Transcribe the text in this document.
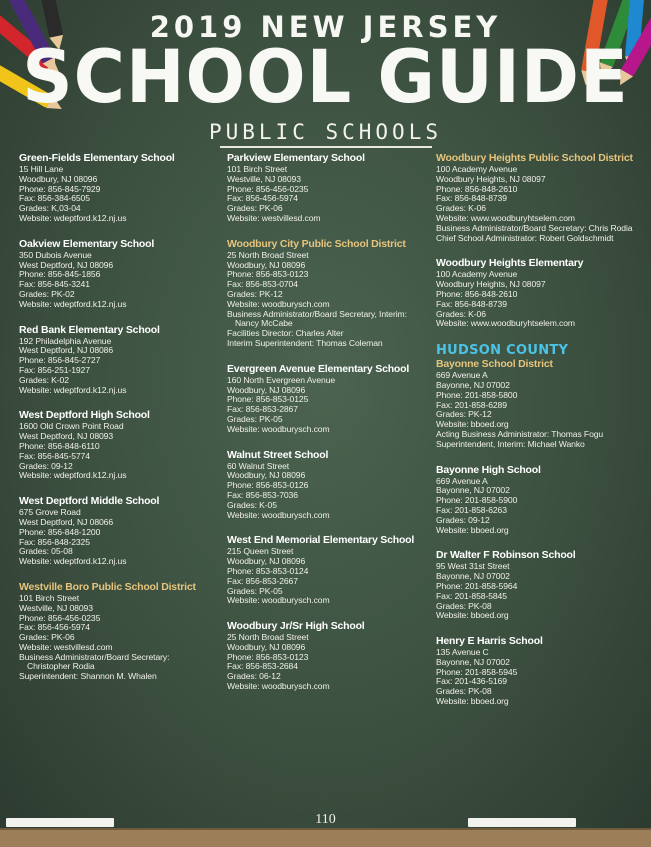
2019 NEW JERSEY
SCHOOL GUIDE
PUBLIC SCHOOLS
Green-Fields Elementary School
15 Hill Lane
Woodbury, NJ 08096
Phone: 856-845-7929
Fax: 856-384-6505
Grades: K,03-04
Website: wdeptford.k12.nj.us
Oakview Elementary School
350 Dubois Avenue
West Deptford, NJ 08096
Phone: 856-845-1856
Fax: 856-845-3241
Grades: PK-02
Website: wdeptford.k12.nj.us
Red Bank Elementary School
192 Philadelphia Avenue
West Deptford, NJ 08086
Phone: 856-845-2727
Fax: 856-251-1927
Grades: K-02
Website: wdeptford.k12.nj.us
West Deptford High School
1600 Old Crown Point Road
West Deptford, NJ 08093
Phone: 856-848-6110
Fax: 856-845-5774
Grades: 09-12
Website: wdeptford.k12.nj.us
West Deptford Middle School
675 Grove Road
West Deptford, NJ 08066
Phone: 856-848-1200
Fax: 856-848-2325
Grades: 05-08
Website: wdeptford.k12.nj.us
Westville Boro Public School District
101 Birch Street
Westville, NJ 08093
Phone: 856-456-0235
Fax: 856-456-5974
Grades: PK-06
Website: westvillesd.com
Business Administrator/Board Secretary:
Christopher Rodia
Superintendent: Shannon M. Whalen
Parkview Elementary School
101 Birch Street
Westville, NJ 08093
Phone: 856-456-0235
Fax: 856-456-5974
Grades: PK-06
Website: westvillesd.com
Woodbury City Public School District
25 North Broad Street
Woodbury, NJ 08096
Phone: 856-853-0123
Fax: 856-853-0704
Grades: PK-12
Website: woodburysch.com
Business Administrator/Board Secretary, Interim:
Nancy McCabe
Facilities Director: Charles Alter
Interim Superintendent: Thomas Coleman
Evergreen Avenue Elementary School
160 North Evergreen Avenue
Woodbury, NJ 08096
Phone: 856-853-0125
Fax: 856-853-2867
Grades: PK-05
Website: woodburysch.com
Walnut Street School
60 Walnut Street
Woodbury, NJ 08096
Phone: 856-853-0126
Fax: 856-853-7036
Grades: K-05
Website: woodburysch.com
West End Memorial Elementary School
215 Queen Street
Woodbury, NJ 08096
Phone: 853-853-0124
Fax: 856-853-2667
Grades: PK-05
Website: woodburysch.com
Woodbury Jr/Sr High School
25 North Broad Street
Woodbury, NJ 08096
Phone: 856-853-0123
Fax: 856-853-2684
Grades: 06-12
Website: woodburysch.com
Woodbury Heights Public School District
100 Academy Avenue
Woodbury Heights, NJ 08097
Phone: 856-848-2610
Fax: 856-848-8739
Grades: K-06
Website: www.woodburyhtselem.com
Business Administrator/Board Secretary: Chris Rodia
Chief School Administrator: Robert Goldschmidt
Woodbury Heights Elementary
100 Academy Avenue
Woodbury Heights, NJ 08097
Phone: 856-848-2610
Fax: 856-848-8739
Grades: K-06
Website: www.woodburyhtselem.com
HUDSON COUNTY
Bayonne School District
669 Avenue A
Bayonne, NJ 07002
Phone: 201-858-5800
Fax: 201-858-6289
Grades: PK-12
Website: bboed.org
Acting Business Administrator: Thomas Fogu
Superintendent, Interim: Michael Wanko
Bayonne High School
669 Avenue A
Bayonne, NJ 07002
Phone: 201-858-5900
Fax: 201-858-6263
Grades: 09-12
Website: bboed.org
Dr Walter F Robinson School
95 West 31st Street
Bayonne, NJ 07002
Phone: 201-858-5964
Fax: 201-858-5845
Grades: PK-08
Website: bboed.org
Henry E Harris School
135 Avenue C
Bayonne, NJ 07002
Phone: 201-858-5945
Fax: 201-436-5169
Grades: PK-08
Website: bboed.org
110
